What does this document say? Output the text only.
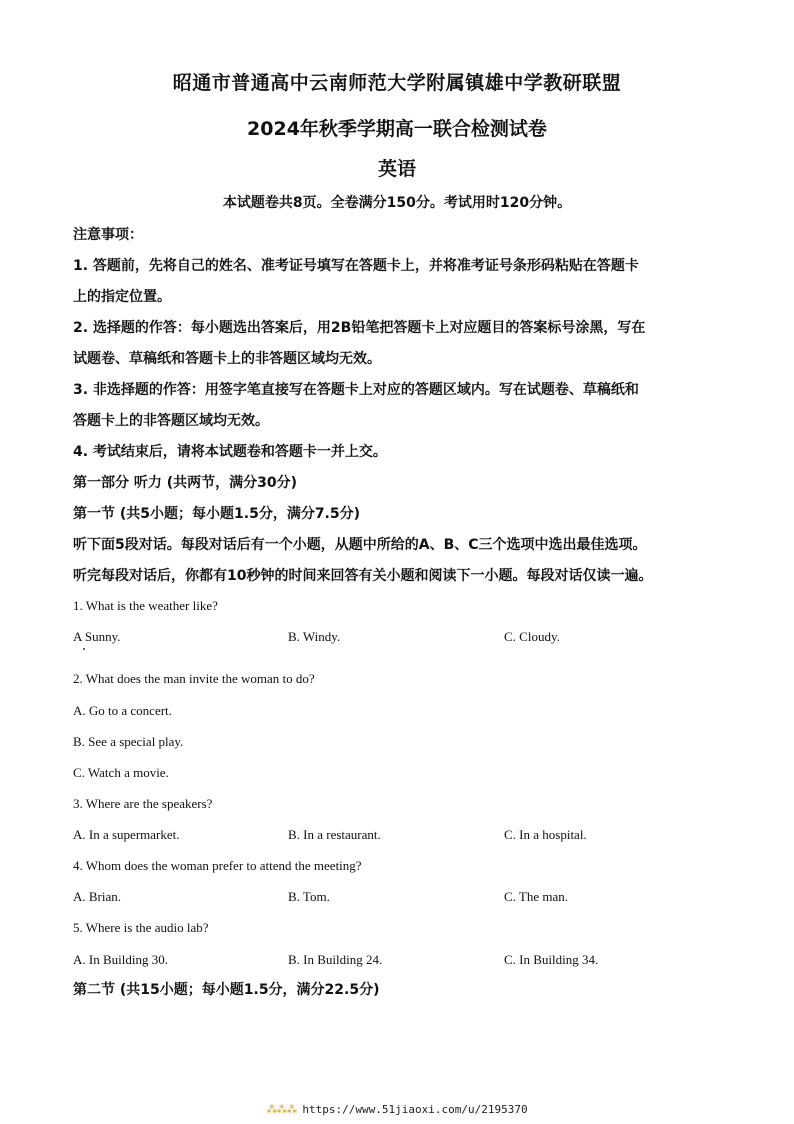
昭通市普通高中云南师范大学附属镇雄中学教研联盟
2024年秋季学期高一联合检测试卷
英语
本试题卷共8页。全卷满分150分。考试用时120分钟。
注意事项：
1. 答题前，先将自己的姓名、准考证号填写在答题卡上，并将准考证号条形码粘贴在答题卡
上的指定位置。
2. 选择题的作答：每小题选出答案后，用2B铅笔把答题卡上对应题目的答案标号涂黑，写在
试题卷、草稿纸和答题卡上的非答题区域均无效。
3. 非选择题的作答：用签字笔直接写在答题卡上对应的答题区域内。写在试题卷、草稿纸和
答题卡上的非答题区域均无效。
4. 考试结束后，请将本试题卷和答题卡一并上交。
第一部分 听力 (共两节，满分30分)
第一节 (共5小题；每小题1.5分，满分7.5分)
听下面5段对话。每段对话后有一个小题，从题中所给的A、B、C三个选项中选出最佳选项。
听完每段对话后，你都有10秒钟的时间来回答有关小题和阅读下一小题。每段对话仅读一遍。
1. What is the weather like?
A Sunny.	B. Windy.	C. Cloudy.
2. What does the man invite the woman to do?
A. Go to a concert.
B. See a special play.
C. Watch a movie.
3. Where are the speakers?
A. In a supermarket.	B. In a restaurant.	C. In a hospital.
4. Whom does the woman prefer to attend the meeting?
A. Brian.	B. Tom.	C. The man.
5. Where is the audio lab?
A. In Building 30.	B. In Building 24.	C. In Building 34.
第二节 (共15小题；每小题1.5分，满分22.5分)
⁂⁂⁂ https://www.51jiaoxi.com/u/2195370
